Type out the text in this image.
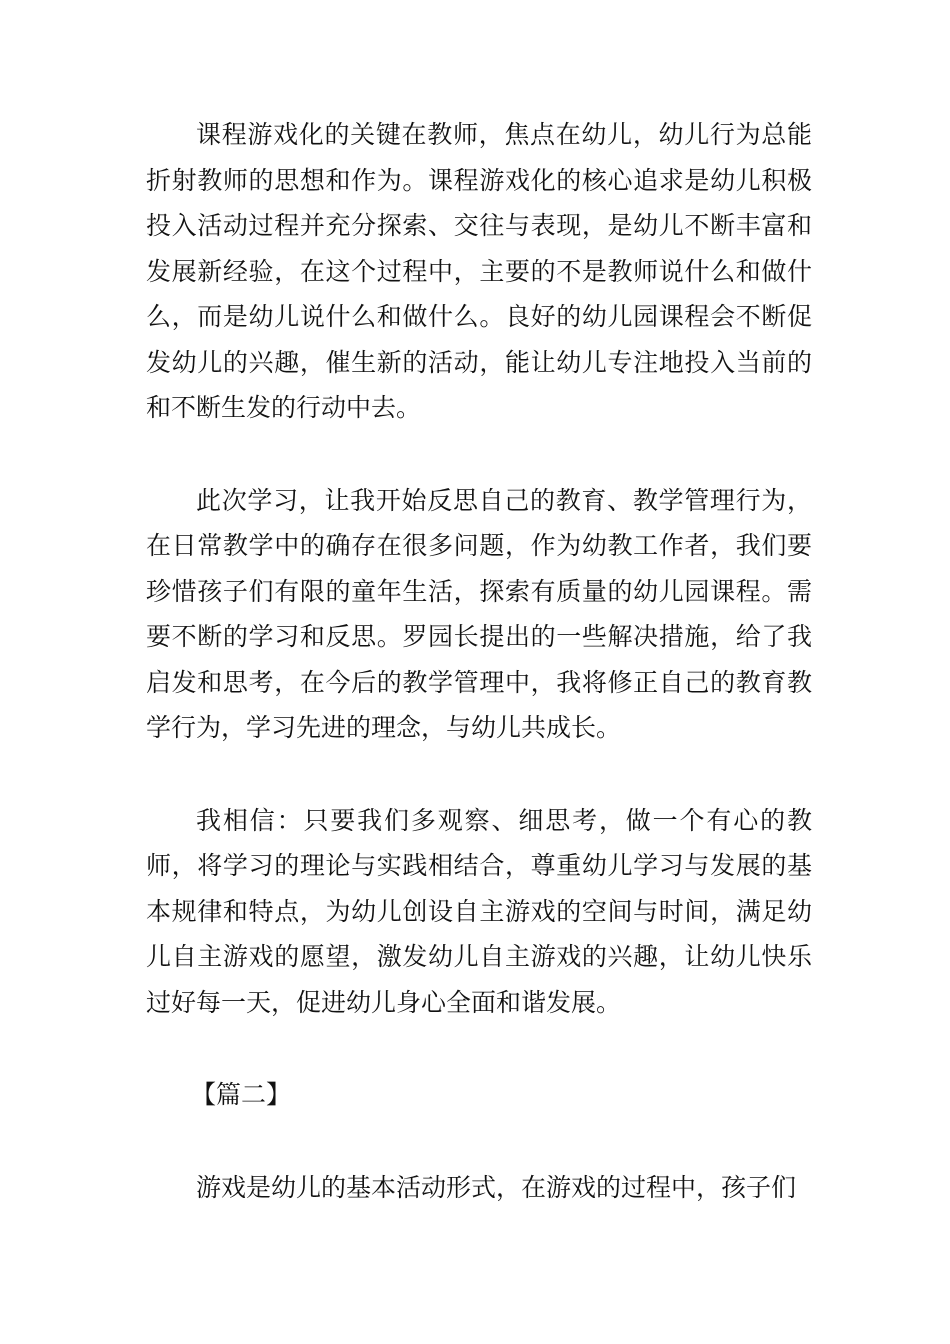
课程游戏化的关键在教师，焦点在幼儿，幼儿行为总能折射教师的思想和作为。课程游戏化的核心追求是幼儿积极投入活动过程并充分探索、交往与表现，是幼儿不断丰富和发展新经验，在这个过程中，主要的不是教师说什么和做什么，而是幼儿说什么和做什么。良好的幼儿园课程会不断促发幼儿的兴趣，催生新的活动，能让幼儿专注地投入当前的和不断生发的行动中去。

此次学习，让我开始反思自己的教育、教学管理行为，在日常教学中的确存在很多问题，作为幼教工作者，我们要珍惜孩子们有限的童年生活，探索有质量的幼儿园课程。需要不断的学习和反思。罗园长提出的一些解决措施，给了我启发和思考，在今后的教学管理中，我将修正自己的教育教学行为，学习先进的理念，与幼儿共成长。

我相信：只要我们多观察、细思考，做一个有心的教师，将学习的理论与实践相结合，尊重幼儿学习与发展的基本规律和特点，为幼儿创设自主游戏的空间与时间，满足幼儿自主游戏的愿望，激发幼儿自主游戏的兴趣，让幼儿快乐过好每一天，促进幼儿身心全面和谐发展。

【篇二】

游戏是幼儿的基本活动形式，在游戏的过程中，孩子们
